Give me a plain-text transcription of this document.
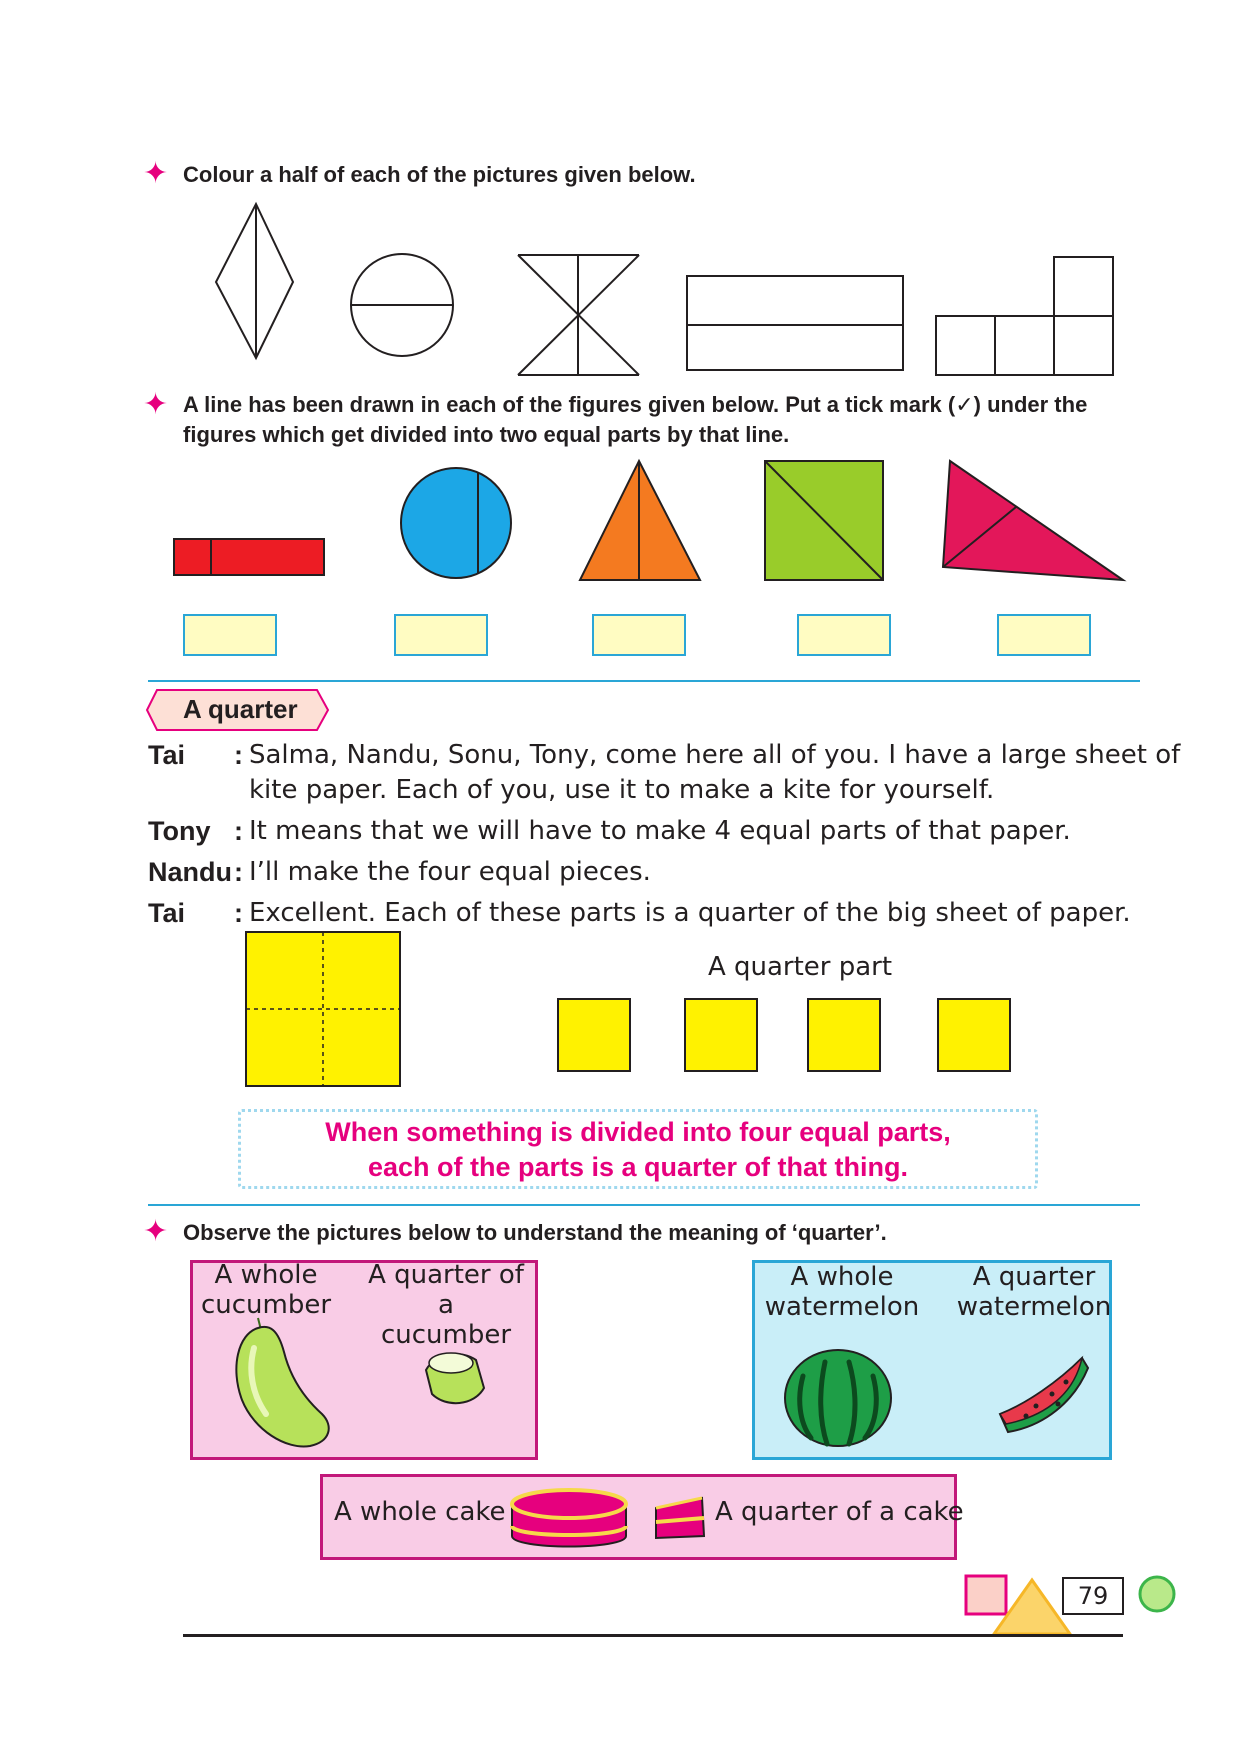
✦ Colour a half of each of the pictures given below.
✦ A line has been drawn in each of the figures given below. Put a tick mark (✓) under the
figures which get divided into two equal parts by that line.
A quarter
Tai : Salma, Nandu, Sonu, Tony, come here all of you. I have a large sheet of
kite paper. Each of you, use it to make a kite for yourself.
Tony : It means that we will have to make 4 equal parts of that paper.
Nandu : I’ll make the four equal pieces.
Tai : Excellent. Each of these parts is a quarter of the big sheet of paper.
A quarter part
When something is divided into four equal parts,
each of the parts is a quarter of that thing.
✦ Observe the pictures below to understand the meaning of ‘quarter’.
A whole
cucumber
A quarter of a
cucumber
A whole
watermelon
A quarter
watermelon
A whole cake	A quarter of a cake
79
